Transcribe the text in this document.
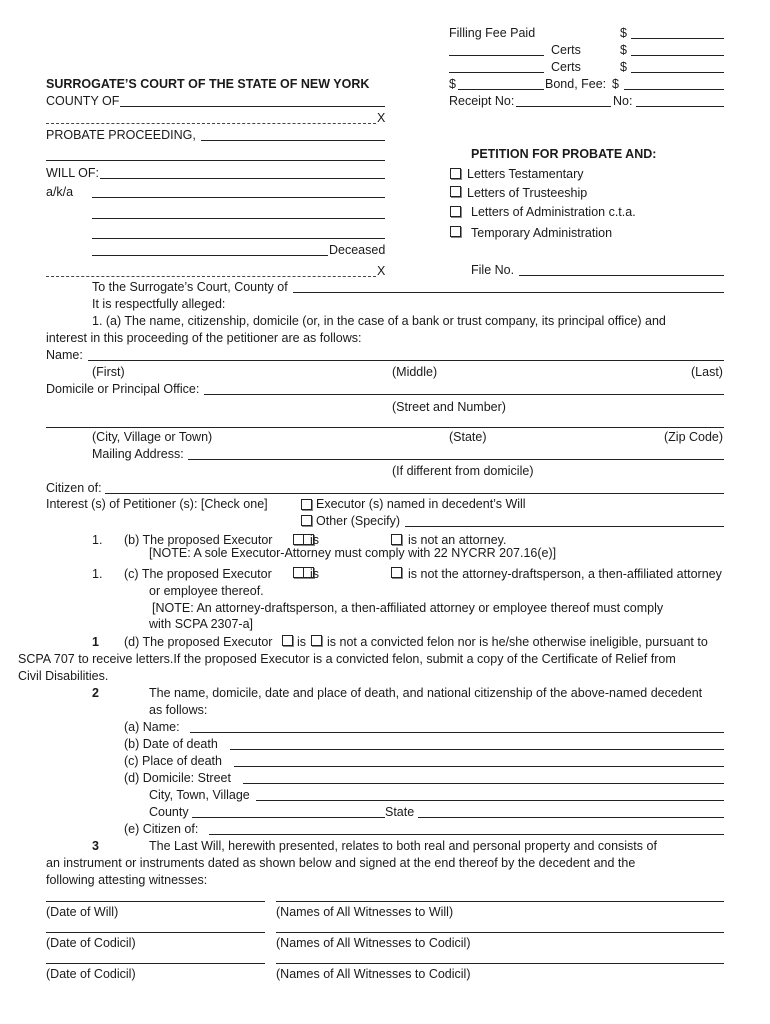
Filling Fee Paid	$
Certs	$
Certs	$
$	Bond, Fee: $
Receipt No:	No:
SURROGATE’S COURT OF THE STATE OF NEW YORK
COUNTY OF
X
PROBATE PROCEEDING,
WILL OF:
a/k/a
Deceased
X
PETITION FOR PROBATE AND:
Letters Testamentary
Letters of Trusteeship
Letters of Administration c.t.a.
Temporary Administration
File No.
To the Surrogate’s Court, County of
It is respectfully alleged:
1. (a) The name, citizenship, domicile (or, in the case of a bank or trust company, its principal office) and
interest in this proceeding of the petitioner are as follows:
Name:
(First)	(Middle)	(Last)
Domicile or Principal Office:
(Street and Number)
(City, Village or Town)	(State)	(Zip Code)
Mailing Address:
(If different from domicile)
Citizen of:
Interest (s) of Petitioner (s): [Check one]	Executor (s) named in decedent’s Will
Other (Specify)
1. (b) The proposed Executor	is	is not an attorney.
[NOTE: A sole Executor-Attorney must comply with 22 NYCRR 207.16(e)]
1. (c) The proposed Executor	is	is not the attorney-draftsperson, a then-affiliated attorney
or employee thereof.
[NOTE: An attorney-draftsperson, a then-affiliated attorney or employee thereof must comply
with SCPA 2307-a]
1 (d) The proposed Executor is is not a convicted felon nor is he/she otherwise ineligible, pursuant to
SCPA 707 to receive letters.If the proposed Executor is a convicted felon, submit a copy of the Certificate of Relief from
Civil Disabilities.
2	The name, domicile, date and place of death, and national citizenship of the above-named decedent
as follows:
(a) Name:
(b) Date of death
(c) Place of death
(d) Domicile: Street
City, Town, Village
County	State
(e) Citizen of:
3	The Last Will, herewith presented, relates to both real and personal property and consists of
an instrument or instruments dated as shown below and signed at the end thereof by the decedent and the
following attesting witnesses:
(Date of Will)	(Names of All Witnesses to Will)
(Date of Codicil)	(Names of All Witnesses to Codicil)
(Date of Codicil)	(Names of All Witnesses to Codicil)
